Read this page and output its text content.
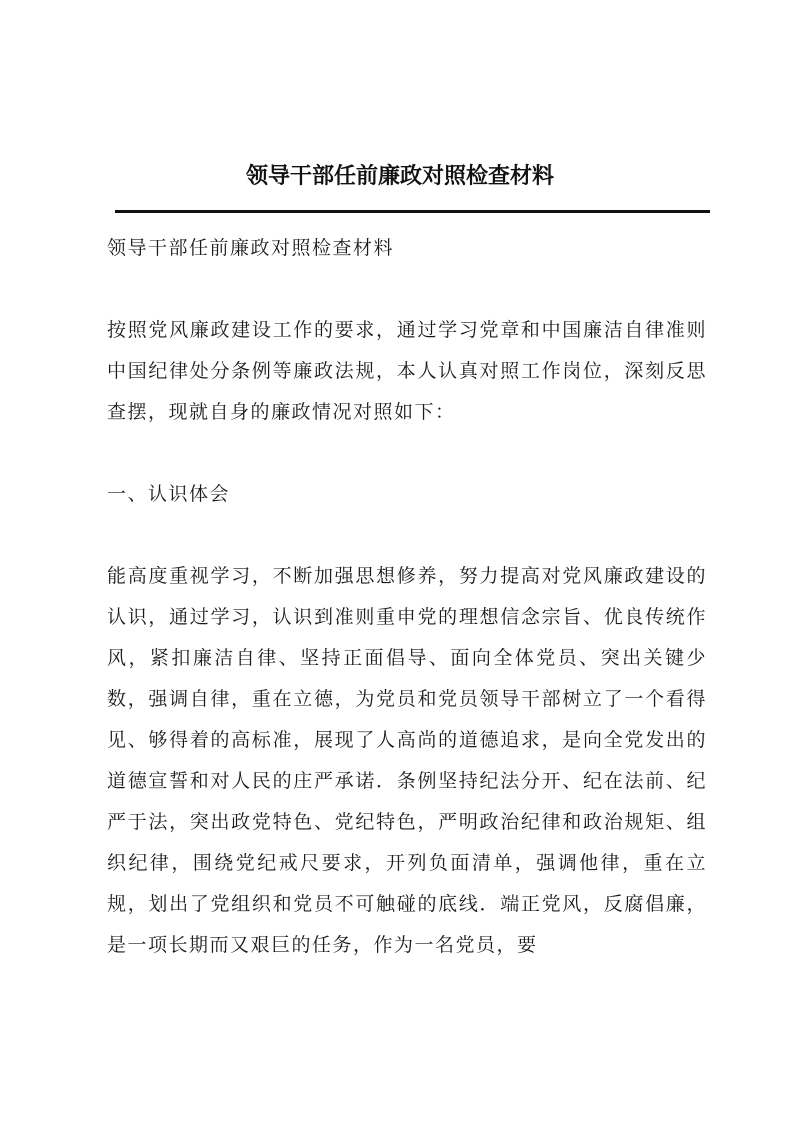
领导干部任前廉政对照检查材料

领导干部任前廉政对照检查材料

按照党风廉政建设工作的要求，通过学习党章和中国廉洁自律准则中国纪律处分条例等廉政法规，本人认真对照工作岗位，深刻反思查摆，现就自身的廉政情况对照如下：

一、认识体会

能高度重视学习，不断加强思想修养，努力提高对党风廉政建设的认识，通过学习，认识到准则重申党的理想信念宗旨、优良传统作风，紧扣廉洁自律、坚持正面倡导、面向全体党员、突出关键少数，强调自律，重在立德，为党员和党员领导干部树立了一个看得见、够得着的高标准，展现了人高尚的道德追求，是向全党发出的道德宣誓和对人民的庄严承诺．条例坚持纪法分开、纪在法前、纪严于法，突出政党特色、党纪特色，严明政治纪律和政治规矩、组织纪律，围绕党纪戒尺要求，开列负面清单，强调他律，重在立规，划出了党组织和党员不可触碰的底线．端正党风，反腐倡廉，是一项长期而又艰巨的任务，作为一名党员，要
